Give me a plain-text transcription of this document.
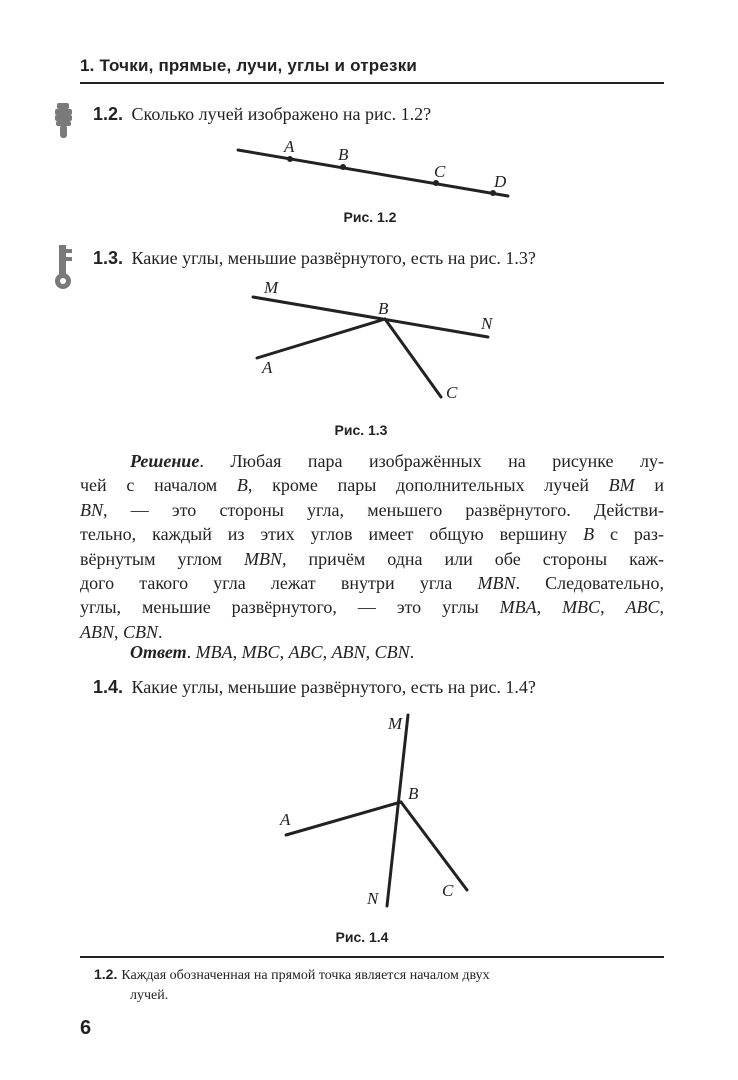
1. Точки, прямые, лучи, углы и отрезки
1.2. Сколько лучей изображено на рис. 1.2?
A	B
C
D
Рис. 1.2
1.3. Какие углы, меньшие развёрнутого, есть на рис. 1.3?
M
B
N
A
C
Рис. 1.3
Решение. Любая пара изображённых на рисунке лу-
чей с началом B, кроме пары дополнительных лучей BM и
BN, — это стороны угла, меньшего развёрнутого. Действи-
тельно, каждый из этих углов имеет общую вершину B с раз-
вёрнутым углом MBN, причём одна или обе стороны каж-
дого такого угла лежат внутри угла MBN. Следовательно,
углы, меньшие развёрнутого, — это углы MBA, MBC, ABC,
ABN, CBN.
Ответ. MBA, MBC, ABC, ABN, CBN.
1.4. Какие углы, меньшие развёрнутого, есть на рис. 1.4?
M
B
A
N	C
Рис. 1.4
1.2. Каждая обозначенная на прямой точка является началом двух
лучей.
6
